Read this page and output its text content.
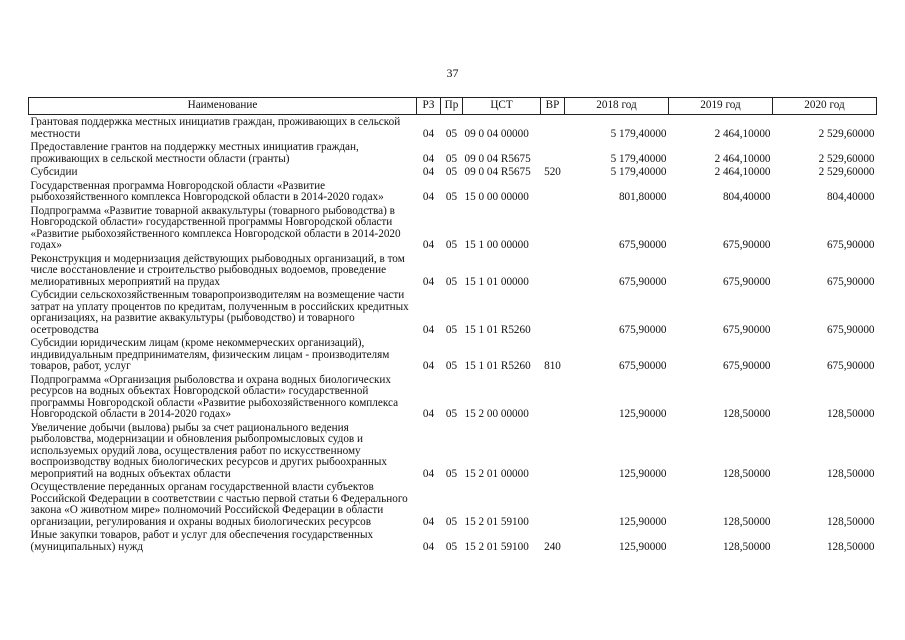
37
Наименование	РЗ	Пр	ЦСТ	ВР	2018 год	2019 год	2020 год
Грантовая поддержка местных инициатив граждан, проживающих в сельской местности	04	05	09 0 04 00000		5 179,40000	2 464,10000	2 529,60000
Предоставление грантов на поддержку местных инициатив граждан, проживающих в сельской местности области (гранты)	04	05	09 0 04 R5675		5 179,40000	2 464,10000	2 529,60000
Субсидии	04	05	09 0 04 R5675	520	5 179,40000	2 464,10000	2 529,60000
Государственная программа Новгородской области «Развитие рыбохозяйственного комплекса Новгородской области в 2014-2020 годах»	04	05	15 0 00 00000		801,80000	804,40000	804,40000
Подпрограмма «Развитие товарной аквакультуры (товарного рыбоводства) в Новгородской области» государственной программы Новгородской области «Развитие рыбохозяйственного комплекса Новгородской области в 2014-2020 годах»	04	05	15 1 00 00000		675,90000	675,90000	675,90000
Реконструкция и модернизация действующих рыбоводных организаций, в том числе восстановление и строительство рыбоводных водоемов, проведение мелиоративных мероприятий на прудах	04	05	15 1 01 00000		675,90000	675,90000	675,90000
Субсидии сельскохозяйственным товаропроизводителям на возмещение части затрат на уплату процентов по кредитам, полученным в российских кредитных организациях, на развитие аквакультуры (рыбоводство) и товарного осетроводства	04	05	15 1 01 R5260		675,90000	675,90000	675,90000
Субсидии юридическим лицам (кроме некоммерческих организаций), индивидуальным предпринимателям, физическим лицам - производителям товаров, работ, услуг	04	05	15 1 01 R5260	810	675,90000	675,90000	675,90000
Подпрограмма «Организация рыболовства и охрана водных биологических ресурсов на водных объектах Новгородской области» государственной программы Новгородской области «Развитие рыбохозяйственного комплекса Новгородской области в 2014-2020 годах»	04	05	15 2 00 00000		125,90000	128,50000	128,50000
Увеличение добычи (вылова) рыбы за счет рационального ведения рыболовства, модернизации и обновления рыбопромысловых судов и используемых орудий лова, осуществления работ по искусственному воспроизводству водных биологических ресурсов и других рыбоохранных мероприятий на водных объектах области	04	05	15 2 01 00000		125,90000	128,50000	128,50000
Осуществление переданных органам государственной власти субъектов Российской Федерации в соответствии с частью первой статьи 6 Федерального закона «О животном мире» полномочий Российской Федерации в области организации, регулирования и охраны водных биологических ресурсов	04	05	15 2 01 59100		125,90000	128,50000	128,50000
Иные закупки товаров, работ и услуг для обеспечения государственных (муниципальных) нужд	04	05	15 2 01 59100	240	125,90000	128,50000	128,50000
